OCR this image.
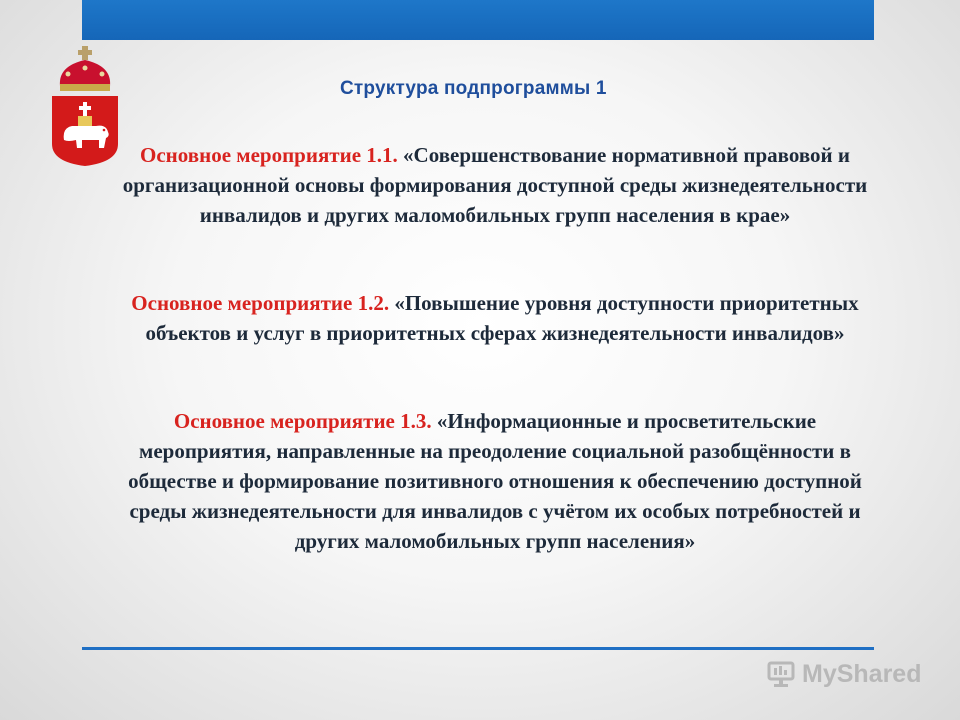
Структура подпрограммы 1
Основное мероприятие 1.1. «Совершенствование нормативной правовой и организационной основы формирования доступной среды жизнедеятельности инвалидов и других маломобильных групп населения в крае»
Основное мероприятие 1.2. «Повышение уровня доступности приоритетных объектов и услуг в приоритетных сферах жизнедеятельности инвалидов»
Основное мероприятие 1.3. «Информационные и просветительские мероприятия, направленные на преодоление социальной разобщённости в обществе и формирование позитивного отношения к обеспечению доступной среды жизнедеятельности для инвалидов с учётом их особых потребностей и других маломобильных групп населения»
MyShared
